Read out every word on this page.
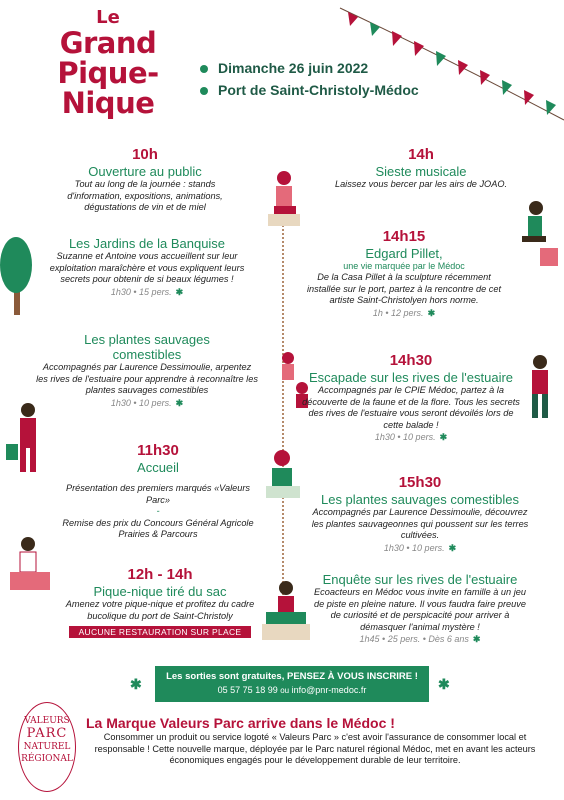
Le
Grand
Pique-
Nique
Dimanche 26 juin 2022
Port de Saint-Christoly-Médoc
10h
Ouverture au public
Tout au long de la journée : stands d'information, expositions, animations, dégustations de vin et de miel
Les Jardins de la Banquise
Suzanne et Antoine vous accueillent sur leur exploitation maraîchère et vous expliquent leurs secrets pour obtenir de si beaux légumes !
1h30 • 15 pers. ✱
Les plantes sauvages comestibles
Accompagnés par Laurence Dessimoulie, arpentez les rives de l'estuaire pour apprendre à reconnaître les plantes sauvages comestibles
1h30 • 10 pers. ✱
11h30
Accueil
Présentation des premiers marqués «Valeurs Parc»
-
Remise des prix du Concours Général Agricole Prairies & Parcours
12h - 14h
Pique-nique tiré du sac
Amenez votre pique-nique et profitez du cadre bucolique du port de Saint-Christoly
AUCUNE RESTAURATION SUR PLACE
14h
Sieste musicale
Laissez vous bercer par les airs de JOAO.
14h15
Edgard Pillet,
une vie marquée par le Médoc
De la Casa Pillet à la sculpture récemment installée sur le port, partez à la rencontre de cet artiste Saint-Christolyen hors norme.
1h • 12 pers. ✱
14h30
Escapade sur les rives de l'estuaire
Accompagnés par le CPIE Médoc, partez à la découverte de la faune et de la flore. Tous les secrets des rives de l'estuaire vous seront dévoilés lors de cette balade !
1h30 • 10 pers. ✱
15h30
Les plantes sauvages comestibles
Accompagnés par Laurence Dessimoulie, découvrez les plantes sauvageonnes qui poussent sur les terres cultivées.
1h30 • 10 pers. ✱
Enquête sur les rives de l'estuaire
Ecoacteurs en Médoc vous invite en famille à un jeu de piste en pleine nature. Il vous faudra faire preuve de curiosité et de perspicacité pour arriver à démasquer l'animal mystère !
1h45 • 25 pers. • Dès 6 ans ✱
✱	Les sorties sont gratuites, PENSEZ À VOUS INSCRIRE !
05 57 75 18 99 ou info@pnr-medoc.fr	✱
VALEURS
PARC
NATUREL
RÉGIONAL
La Marque Valeurs Parc arrive dans le Médoc !
Consommer un produit ou service logoté « Valeurs Parc » c'est avoir l'assurance de consommer local et responsable ! Cette nouvelle marque, déployée par le Parc naturel régional Médoc, met en avant les acteurs économiques engagés pour le développement durable de leur territoire.
